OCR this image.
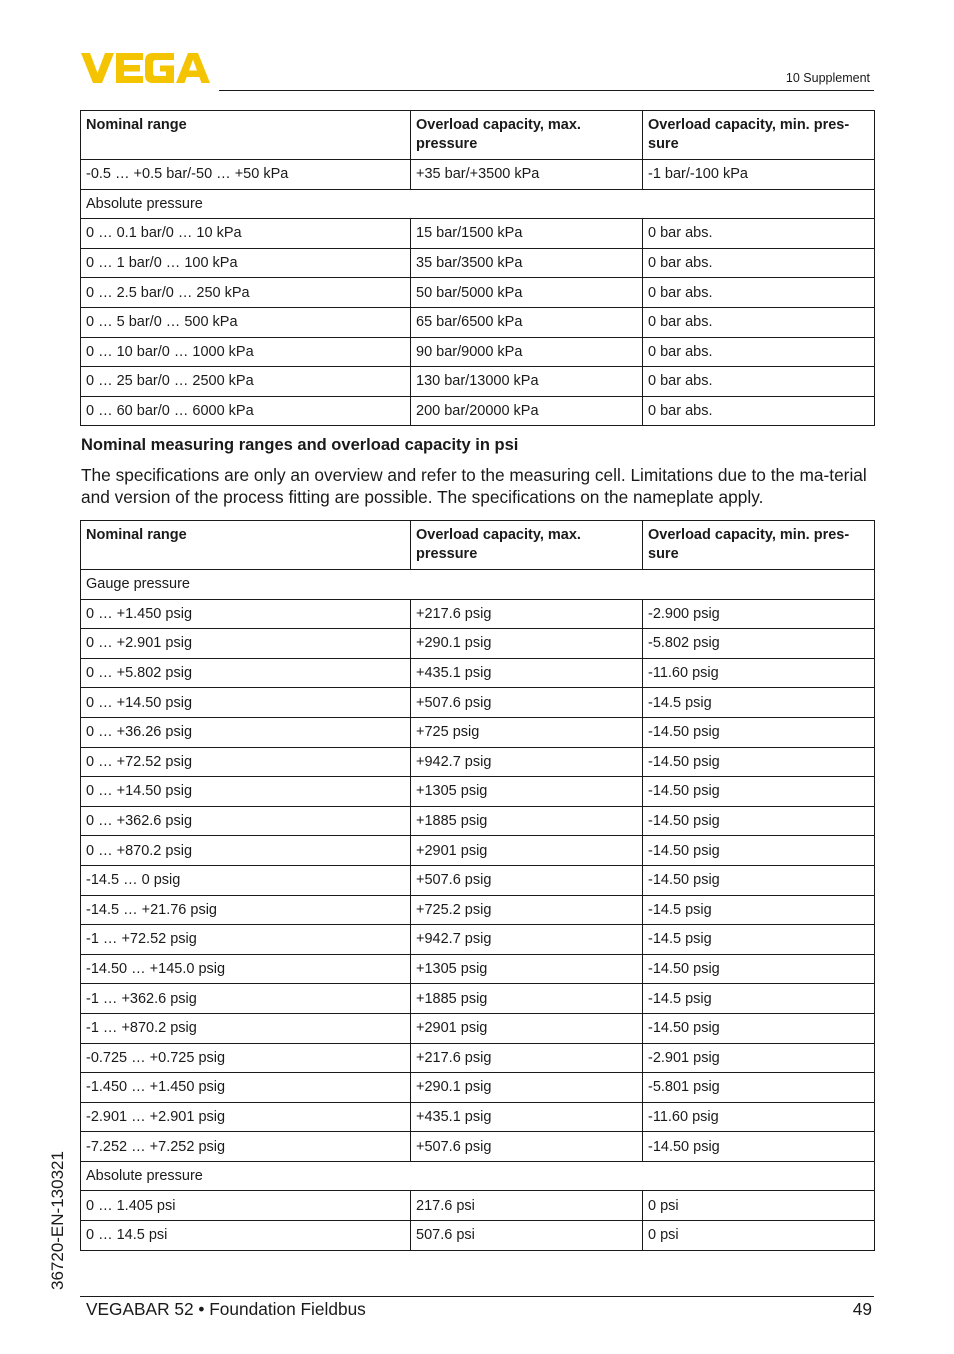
10 Supplement
Nominal range	Overload capacity, max. pressure	Overload capacity, min. pres-sure
-0.5 … +0.5 bar/-50 … +50 kPa	+35 bar/+3500 kPa	-1 bar/-100 kPa
Absolute pressure		
0 … 0.1 bar/0 … 10 kPa	15 bar/1500 kPa	0 bar abs.
0 … 1 bar/0 … 100 kPa	35 bar/3500 kPa	0 bar abs.
0 … 2.5 bar/0 … 250 kPa	50 bar/5000 kPa	0 bar abs.
0 … 5 bar/0 … 500 kPa	65 bar/6500 kPa	0 bar abs.
0 … 10 bar/0 … 1000 kPa	90 bar/9000 kPa	0 bar abs.
0 … 25 bar/0 … 2500 kPa	130 bar/13000 kPa	0 bar abs.
0 … 60 bar/0 … 6000 kPa	200 bar/20000 kPa	0 bar abs.
Nominal measuring ranges and overload capacity in psi
The specifications are only an overview and refer to the measuring cell. Limitations due to the ma-terial and version of the process fitting are possible. The specifications on the nameplate apply.
Nominal range	Overload capacity, max. pressure	Overload capacity, min. pres-sure
Gauge pressure		
0 … +1.450 psig	+217.6 psig	-2.900 psig
0 … +2.901 psig	+290.1 psig	-5.802 psig
0 … +5.802 psig	+435.1 psig	-11.60 psig
0 … +14.50 psig	+507.6 psig	-14.5 psig
0 … +36.26 psig	+725 psig	-14.50 psig
0 … +72.52 psig	+942.7 psig	-14.50 psig
0 … +14.50 psig	+1305 psig	-14.50 psig
0 … +362.6 psig	+1885 psig	-14.50 psig
0 … +870.2 psig	+2901 psig	-14.50 psig
-14.5 … 0 psig	+507.6 psig	-14.50 psig
-14.5 … +21.76 psig	+725.2 psig	-14.5 psig
-1 … +72.52 psig	+942.7 psig	-14.5 psig
-14.50 … +145.0 psig	+1305 psig	-14.50 psig
-1 … +362.6 psig	+1885 psig	-14.5 psig
-1 … +870.2 psig	+2901 psig	-14.50 psig
-0.725 … +0.725 psig	+217.6 psig	-2.901 psig
-1.450 … +1.450 psig	+290.1 psig	-5.801 psig
-2.901 … +2.901 psig	+435.1 psig	-11.60 psig
-7.252 … +7.252 psig	+507.6 psig	-14.50 psig
Absolute pressure		
0 … 1.405 psi	217.6 psi	0 psi
0 … 14.5 psi	507.6 psi	0 psi
36720-EN-130321
VEGABAR 52 • Foundation Fieldbus	49
